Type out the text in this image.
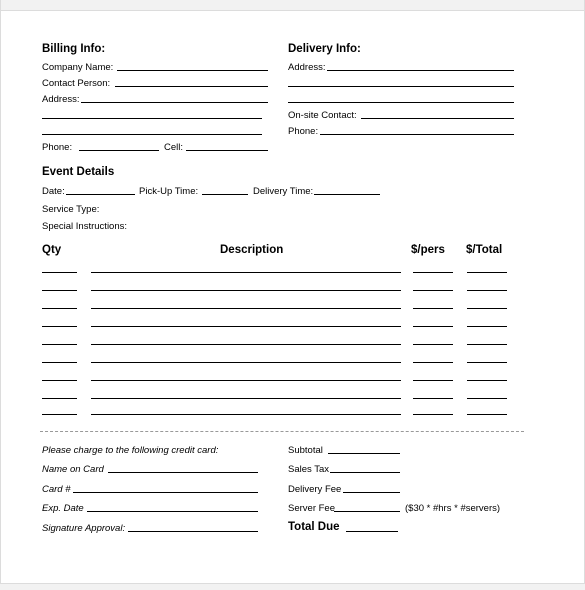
Billing Info:
Company Name:
Contact Person:
Address:
Phone:	Cell:
Delivery Info:
Address:
On-site Contact:
Phone:
Event Details
Date:	Pick-Up Time:	Delivery Time:
Service Type:
Special Instructions:
Qty	Description	$/pers $/Total
Please charge to the following credit card:
Name on Card
Card #
Exp. Date
Signature Approval:
Subtotal
Sales Tax
Delivery Fee
Server Fee	($30 * #hrs * #servers)
Total Due
